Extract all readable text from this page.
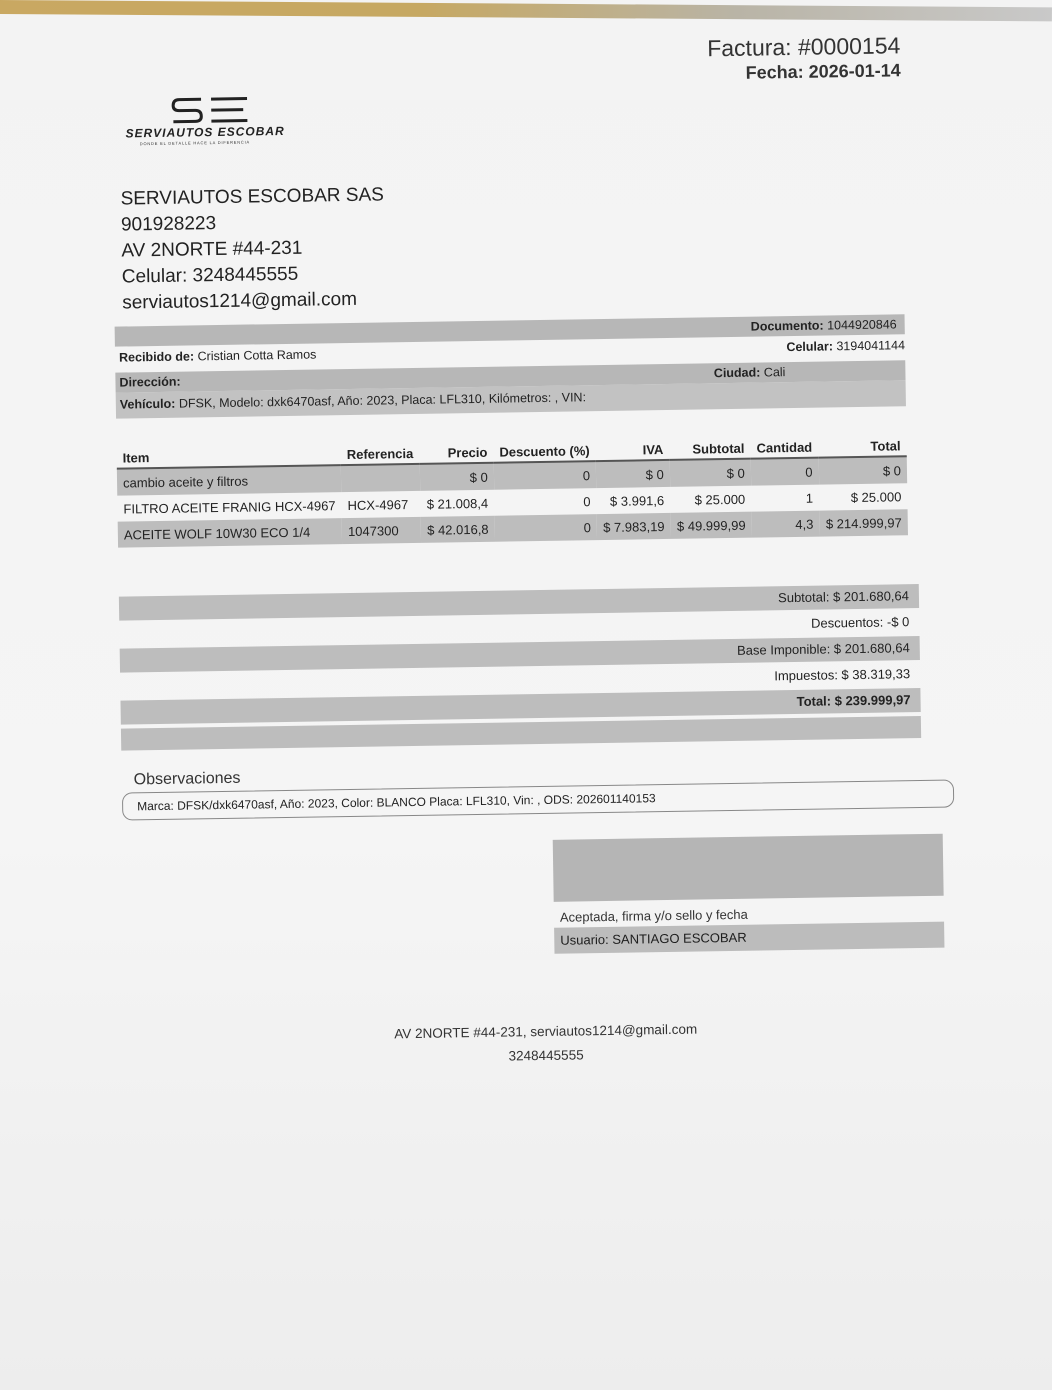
Factura: #0000154
Fecha: 2026-01-14
SERVIAUTOS ESCOBAR
DONDE EL DETALLE HACE LA DIFERENCIA
SERVIAUTOS ESCOBAR SAS
901928223
AV 2NORTE #44-231
Celular: 3248445555
serviautos1214@gmail.com
Documento: 1044920846
Recibido de: Cristian Cotta Ramos
Celular: 3194041144
Dirección:
Ciudad: Cali
Vehículo: DFSK, Modelo: dxk6470asf, Año: 2023, Placa: LFL310, Kilómetros: , VIN:
Item	Referencia	Precio	Descuento (%)	IVA	Subtotal	Cantidad	Total
cambio aceite y filtros		$ 0	0	$ 0	$ 0	0	$ 0
FILTRO ACEITE FRANIG HCX-4967	HCX-4967	$ 21.008,4	0	$ 3.991,6	$ 25.000	1	$ 25.000
ACEITE WOLF 10W30 ECO 1/4	1047300	$ 42.016,8	0	$ 7.983,19	$ 49.999,99	4,3	$ 214.999,97
Subtotal: $ 201.680,64
Descuentos: -$ 0
Base Imponible: $ 201.680,64
Impuestos: $ 38.319,33
Total: $ 239.999,97
Observaciones
Marca: DFSK/dxk6470asf, Año: 2023, Color: BLANCO Placa: LFL310, Vin: , ODS: 202601140153
Aceptada, firma y/o sello y fecha
Usuario: SANTIAGO ESCOBAR
AV 2NORTE #44-231, serviautos1214@gmail.com
3248445555
